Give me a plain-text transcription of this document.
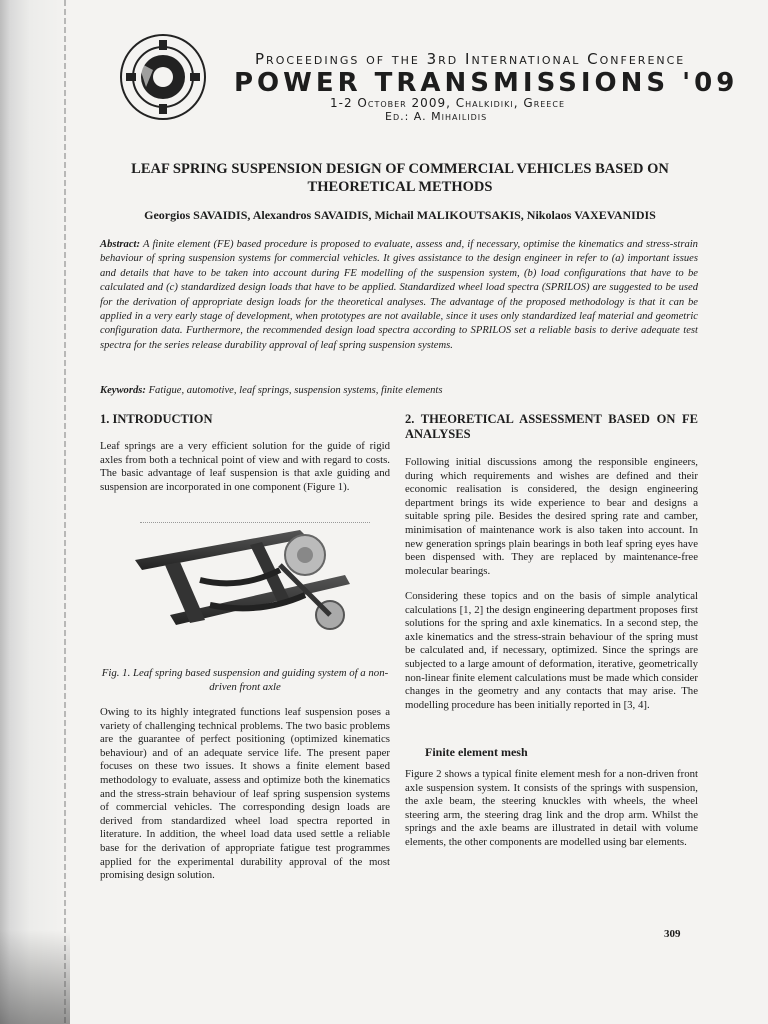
Proceedings of the 3rd International Conference
POWER TRANSMISSIONS '09
1-2 October 2009, Chalkidiki, Greece
Ed.: A. Mihailidis
LEAF SPRING SUSPENSION DESIGN OF COMMERCIAL VEHICLES BASED ON THEORETICAL METHODS
Georgios SAVAIDIS, Alexandros SAVAIDIS, Michail MALIKOUTSAKIS, Nikolaos VAXEVANIDIS
Abstract: A finite element (FE) based procedure is proposed to evaluate, assess and, if necessary, optimise the kinematics and stress-strain behaviour of spring suspension systems for commercial vehicles. It gives assistance to the design engineer in refer to (a) important issues and details that have to be taken into account during FE modelling of the suspension system, (b) load configurations that have to be calculated and (c) standardized design loads that have to be applied. Standardized wheel load spectra (SPRILOS) are suggested to be used for the derivation of appropriate design loads for the theoretical analyses. The advantage of the proposed methodology is that it can be applied in a very early stage of development, when prototypes are not available, since it uses only standardized leaf material and geometric configuration data. Furthermore, the recommended design load spectra according to SPRILOS set a reliable basis to derive adequate test spectra for the series release durability approval of leaf spring suspension systems.
Keywords: Fatigue, automotive, leaf springs, suspension systems, finite elements
1. INTRODUCTION

Leaf springs are a very efficient solution for the guide of rigid axles from both a technical point of view and with regard to costs. The basic advantage of leaf suspension is that axle guiding and suspension are incorporated in one component (Figure 1).

Fig. 1. Leaf spring based suspension and guiding system of a non-driven front axle

Owing to its highly integrated functions leaf suspension poses a variety of challenging technical problems. The two basic problems are the guarantee of perfect positioning (optimized kinematics behaviour) and of an adequate service life. The present paper focuses on these two issues. It shows a finite element based methodology to evaluate, assess and optimize both the kinematics and the stress-strain behaviour of leaf spring suspension systems of commercial vehicles. The corresponding design loads are derived from standardized wheel load spectra reported in literature. In addition, the wheel load data used settle a reliable base for the derivation of appropriate fatigue test programmes applied for the experimental durability approval of the most promising design solution.

2. THEORETICAL ASSESSMENT BASED ON FE ANALYSES

Following initial discussions among the responsible engineers, during which requirements and wishes are defined and their economic realisation is considered, the design engineering department brings its wide experience to bear and designs a suitable spring pile. Besides the desired spring rate and camber, minimisation of maintenance work is also taken into account. In new generation springs plain bearings in both leaf spring eyes have been dispensed with. They are replaced by maintenance-free molecular bearings.

Considering these topics and on the basis of simple analytical calculations [1, 2] the design engineering department proposes first solutions for the spring and axle kinematics. In a second step, the axle kinematics and the stress-strain behaviour of the spring must be calculated and, if necessary, optimized. Since the springs are subjected to a large amount of deformation, iterative, geometrically non-linear finite element calculations must be made which consider changes in the geometry and any contacts that may arise. The modelling procedure has been initially reported in [3, 4].

Finite element mesh

Figure 2 shows a typical finite element mesh for a non-driven front axle suspension system. It consists of the springs with suspension, the axle beam, the steering knuckles with wheels, the wheel steering arm, the steering drag link and the drop arm. Whilst the springs and the axle beams are illustrated in detail with volume elements, the other components are modelled using bar elements.

309
